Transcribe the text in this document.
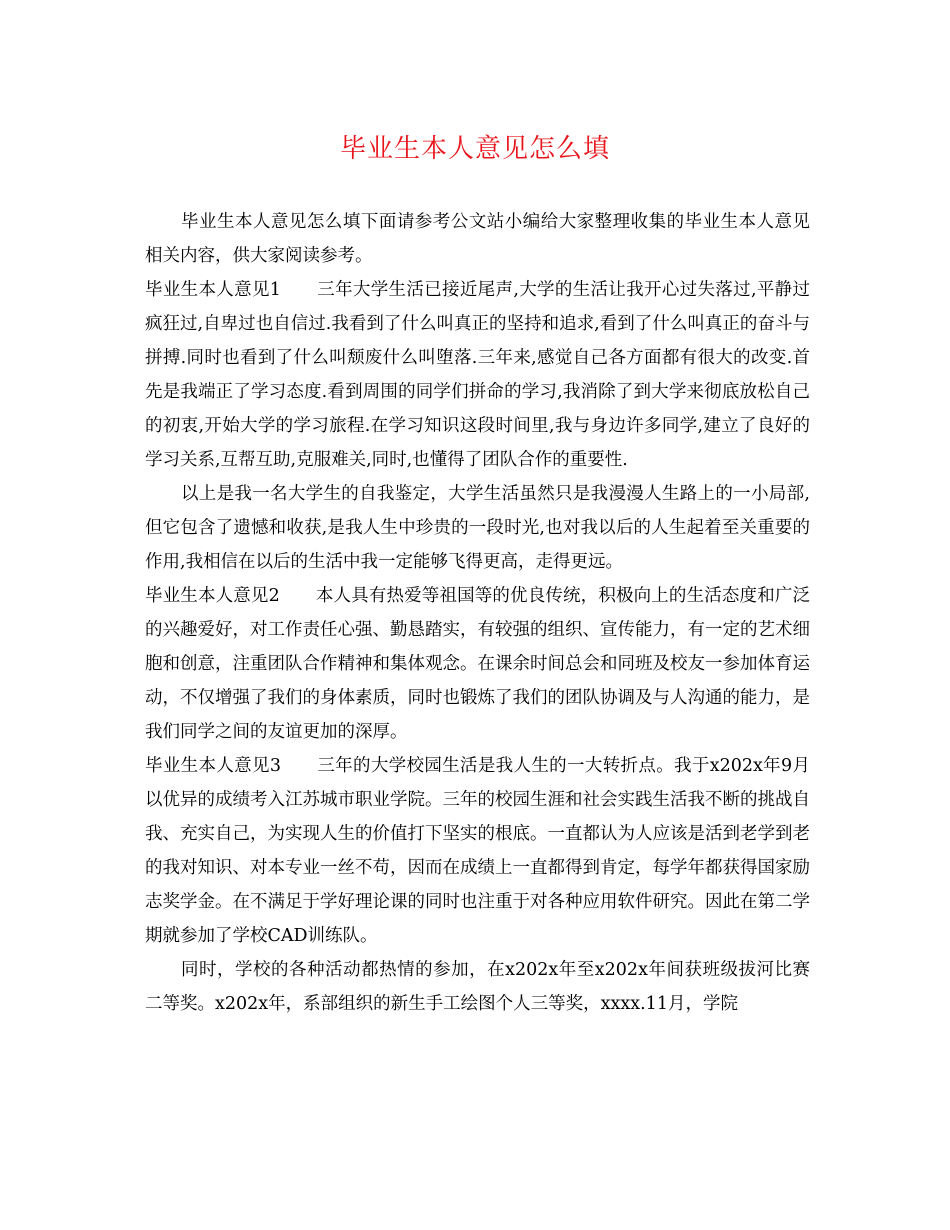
毕业生本人意见怎么填

毕业生本人意见怎么填下面请参考公文站小编给大家整理收集的毕业生本人意见相关内容，供大家阅读参考。

毕业生本人意见1 三年大学生活已接近尾声,大学的生活让我开心过失落过,平静过疯狂过,自卑过也自信过.我看到了什么叫真正的坚持和追求,看到了什么叫真正的奋斗与拼搏.同时也看到了什么叫颓废什么叫堕落.三年来,感觉自己各方面都有很大的改变.首先是我端正了学习态度.看到周围的同学们拼命的学习,我消除了到大学来彻底放松自己的初衷,开始大学的学习旅程.在学习知识这段时间里,我与身边许多同学,建立了良好的学习关系,互帮互助,克服难关,同时,也懂得了团队合作的重要性.

以上是我一名大学生的自我鉴定，大学生活虽然只是我漫漫人生路上的一小局部,但它包含了遗憾和收获,是我人生中珍贵的一段时光,也对我以后的人生起着至关重要的作用,我相信在以后的生活中我一定能够飞得更高，走得更远。

毕业生本人意见2 本人具有热爱等祖国等的优良传统，积极向上的生活态度和广泛的兴趣爱好，对工作责任心强、勤恳踏实，有较强的组织、宣传能力，有一定的艺术细胞和创意，注重团队合作精神和集体观念。在课余时间总会和同班及校友一参加体育运动，不仅增强了我们的身体素质，同时也锻炼了我们的团队协调及与人沟通的能力，是我们同学之间的友谊更加的深厚。

毕业生本人意见3 三年的大学校园生活是我人生的一大转折点。我于x202x年9月以优异的成绩考入江苏城市职业学院。三年的校园生涯和社会实践生活我不断的挑战自我、充实自己，为实现人生的价值打下坚实的根底。一直都认为人应该是活到老学到老的我对知识、对本专业一丝不苟，因而在成绩上一直都得到肯定，每学年都获得国家励志奖学金。在不满足于学好理论课的同时也注重于对各种应用软件研究。因此在第二学期就参加了学校CAD训练队。

同时，学校的各种活动都热情的参加，在x202x年至x202x年间获班级拔河比赛二等奖。x202x年，系部组织的新生手工绘图个人三等奖，xxxx.11月，学院
